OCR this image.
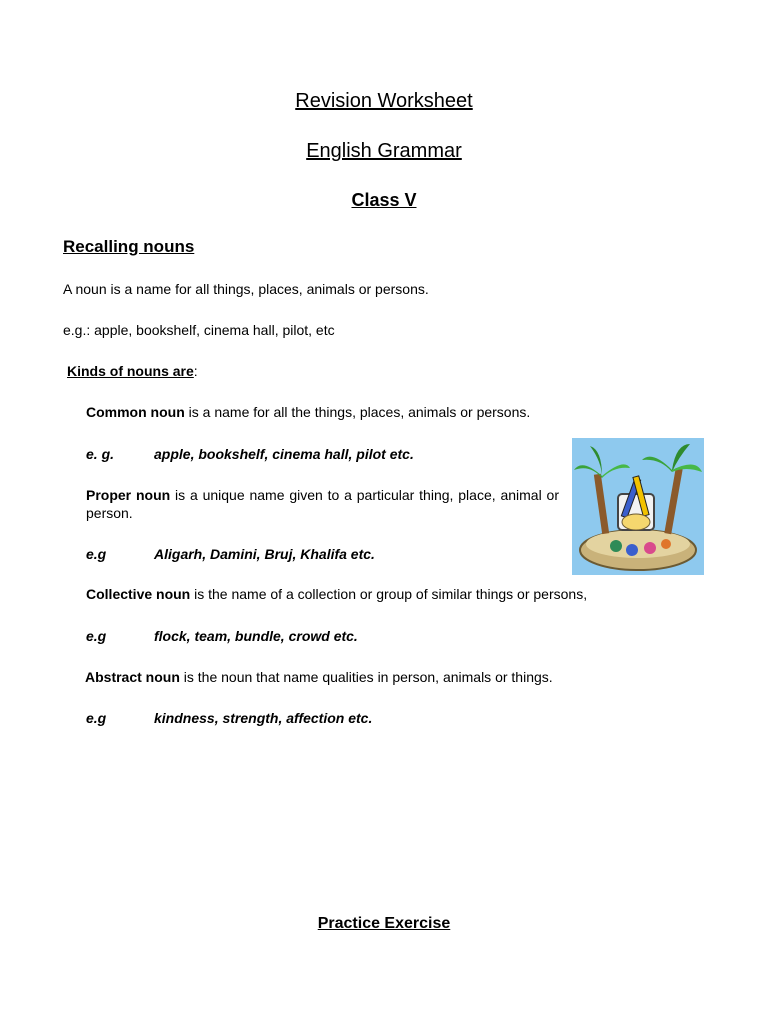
Revision Worksheet
English Grammar
Class V
Recalling nouns
A noun is a name for all things, places, animals or persons.
e.g.: apple, bookshelf, cinema hall, pilot, etc
Kinds of nouns are:
Common noun is a name for all the things, places, animals or persons.
e. g.	apple, bookshelf, cinema hall, pilot etc.
Proper noun is a unique name given to a particular thing, place, animal or person.
e.g	Aligarh, Damini, Bruj, Khalifa etc.
Collective noun is the name of a collection or group of similar things or persons,
e.g	flock, team, bundle, crowd etc.
Abstract noun is the noun that name qualities in person, animals or things.
e.g	kindness, strength, affection etc.
Practice Exercise
